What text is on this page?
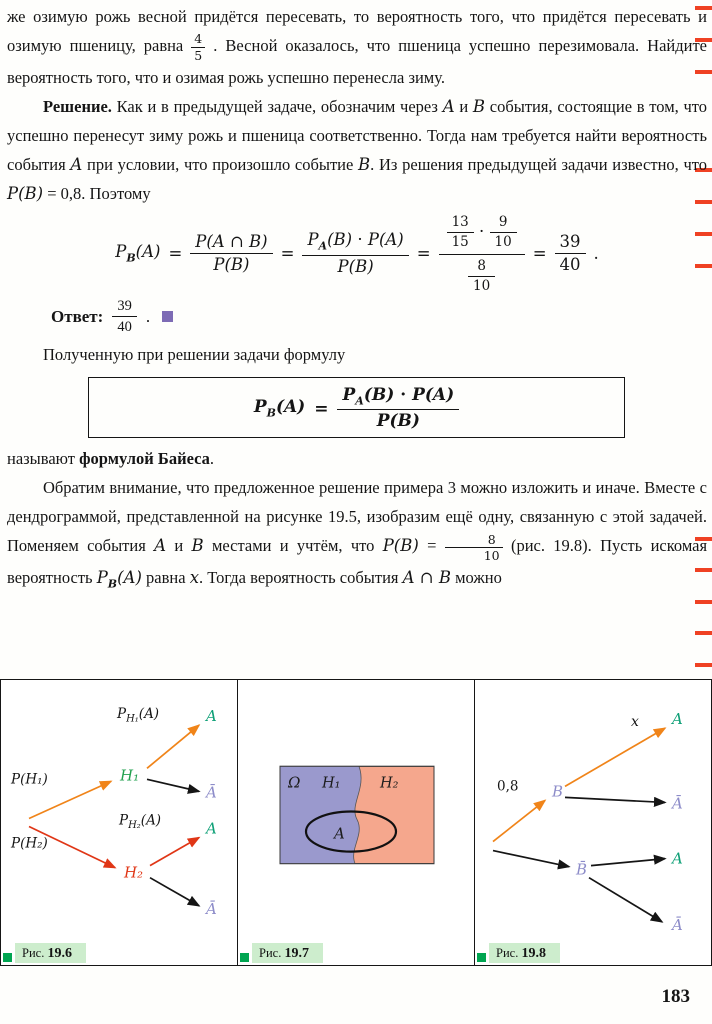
же озимую рожь весной придётся пересевать, то вероятность того, что придётся пересевать и озимую пшеницу, равна $\frac{4}{5}$ . Весной оказалось, что пшеница успешно перезимовала. Найдите вероятность того, что и озимая рожь успешно перенесла зиму.

Решение. Как и в предыдущей задаче, обозначим через A и B события, состоящие в том, что успешно перенесут зиму рожь и пшеница соответственно. Тогда нам требуется найти вероятность события A при условии, что произошло событие B. Из решения предыдущей задачи известно, что P(B) = 0,8. Поэтому

$P_B(A) = \frac{P(A \cap B)}{P(B)} = \frac{P_A(B) \cdot P(A)}{P(B)} = \frac{\frac{13}{15} \cdot \frac{9}{10}}{\frac{8}{10}} = \frac{39}{40}$ .
Ответ: $\frac{39}{40}$ .

Полученную при решении задачи формулу

$P_B(A) = \frac{P_A(B) \cdot P(A)}{P(B)}$

называют формулой Байеса.

Обратим внимание, что предложенное решение примера 3 можно изложить и иначе. Вместе с дендрограммой, представленной на рисунке 19.5, изобразим ещё одну, связанную с этой задачей. Поменяем события A и B местами и учтём, что $P(B) = \frac{8}{10} (рис$. 19.8). Пусть искомая вероятность $P_B(A)$ равна x. Тогда вероятность события A ∩ B можно

P(H₁)
P(H₂)
$P_{H_1}(A)$
$P_{H_2}(A)$
H₁
H₂
A
Ā
A
Ā
Рис. 19.6
Ω H₁	H₂
A
Рис. 19.7
0,8 B
x A
Ā
B̄
A
Ā
Рис. 19.8
183
